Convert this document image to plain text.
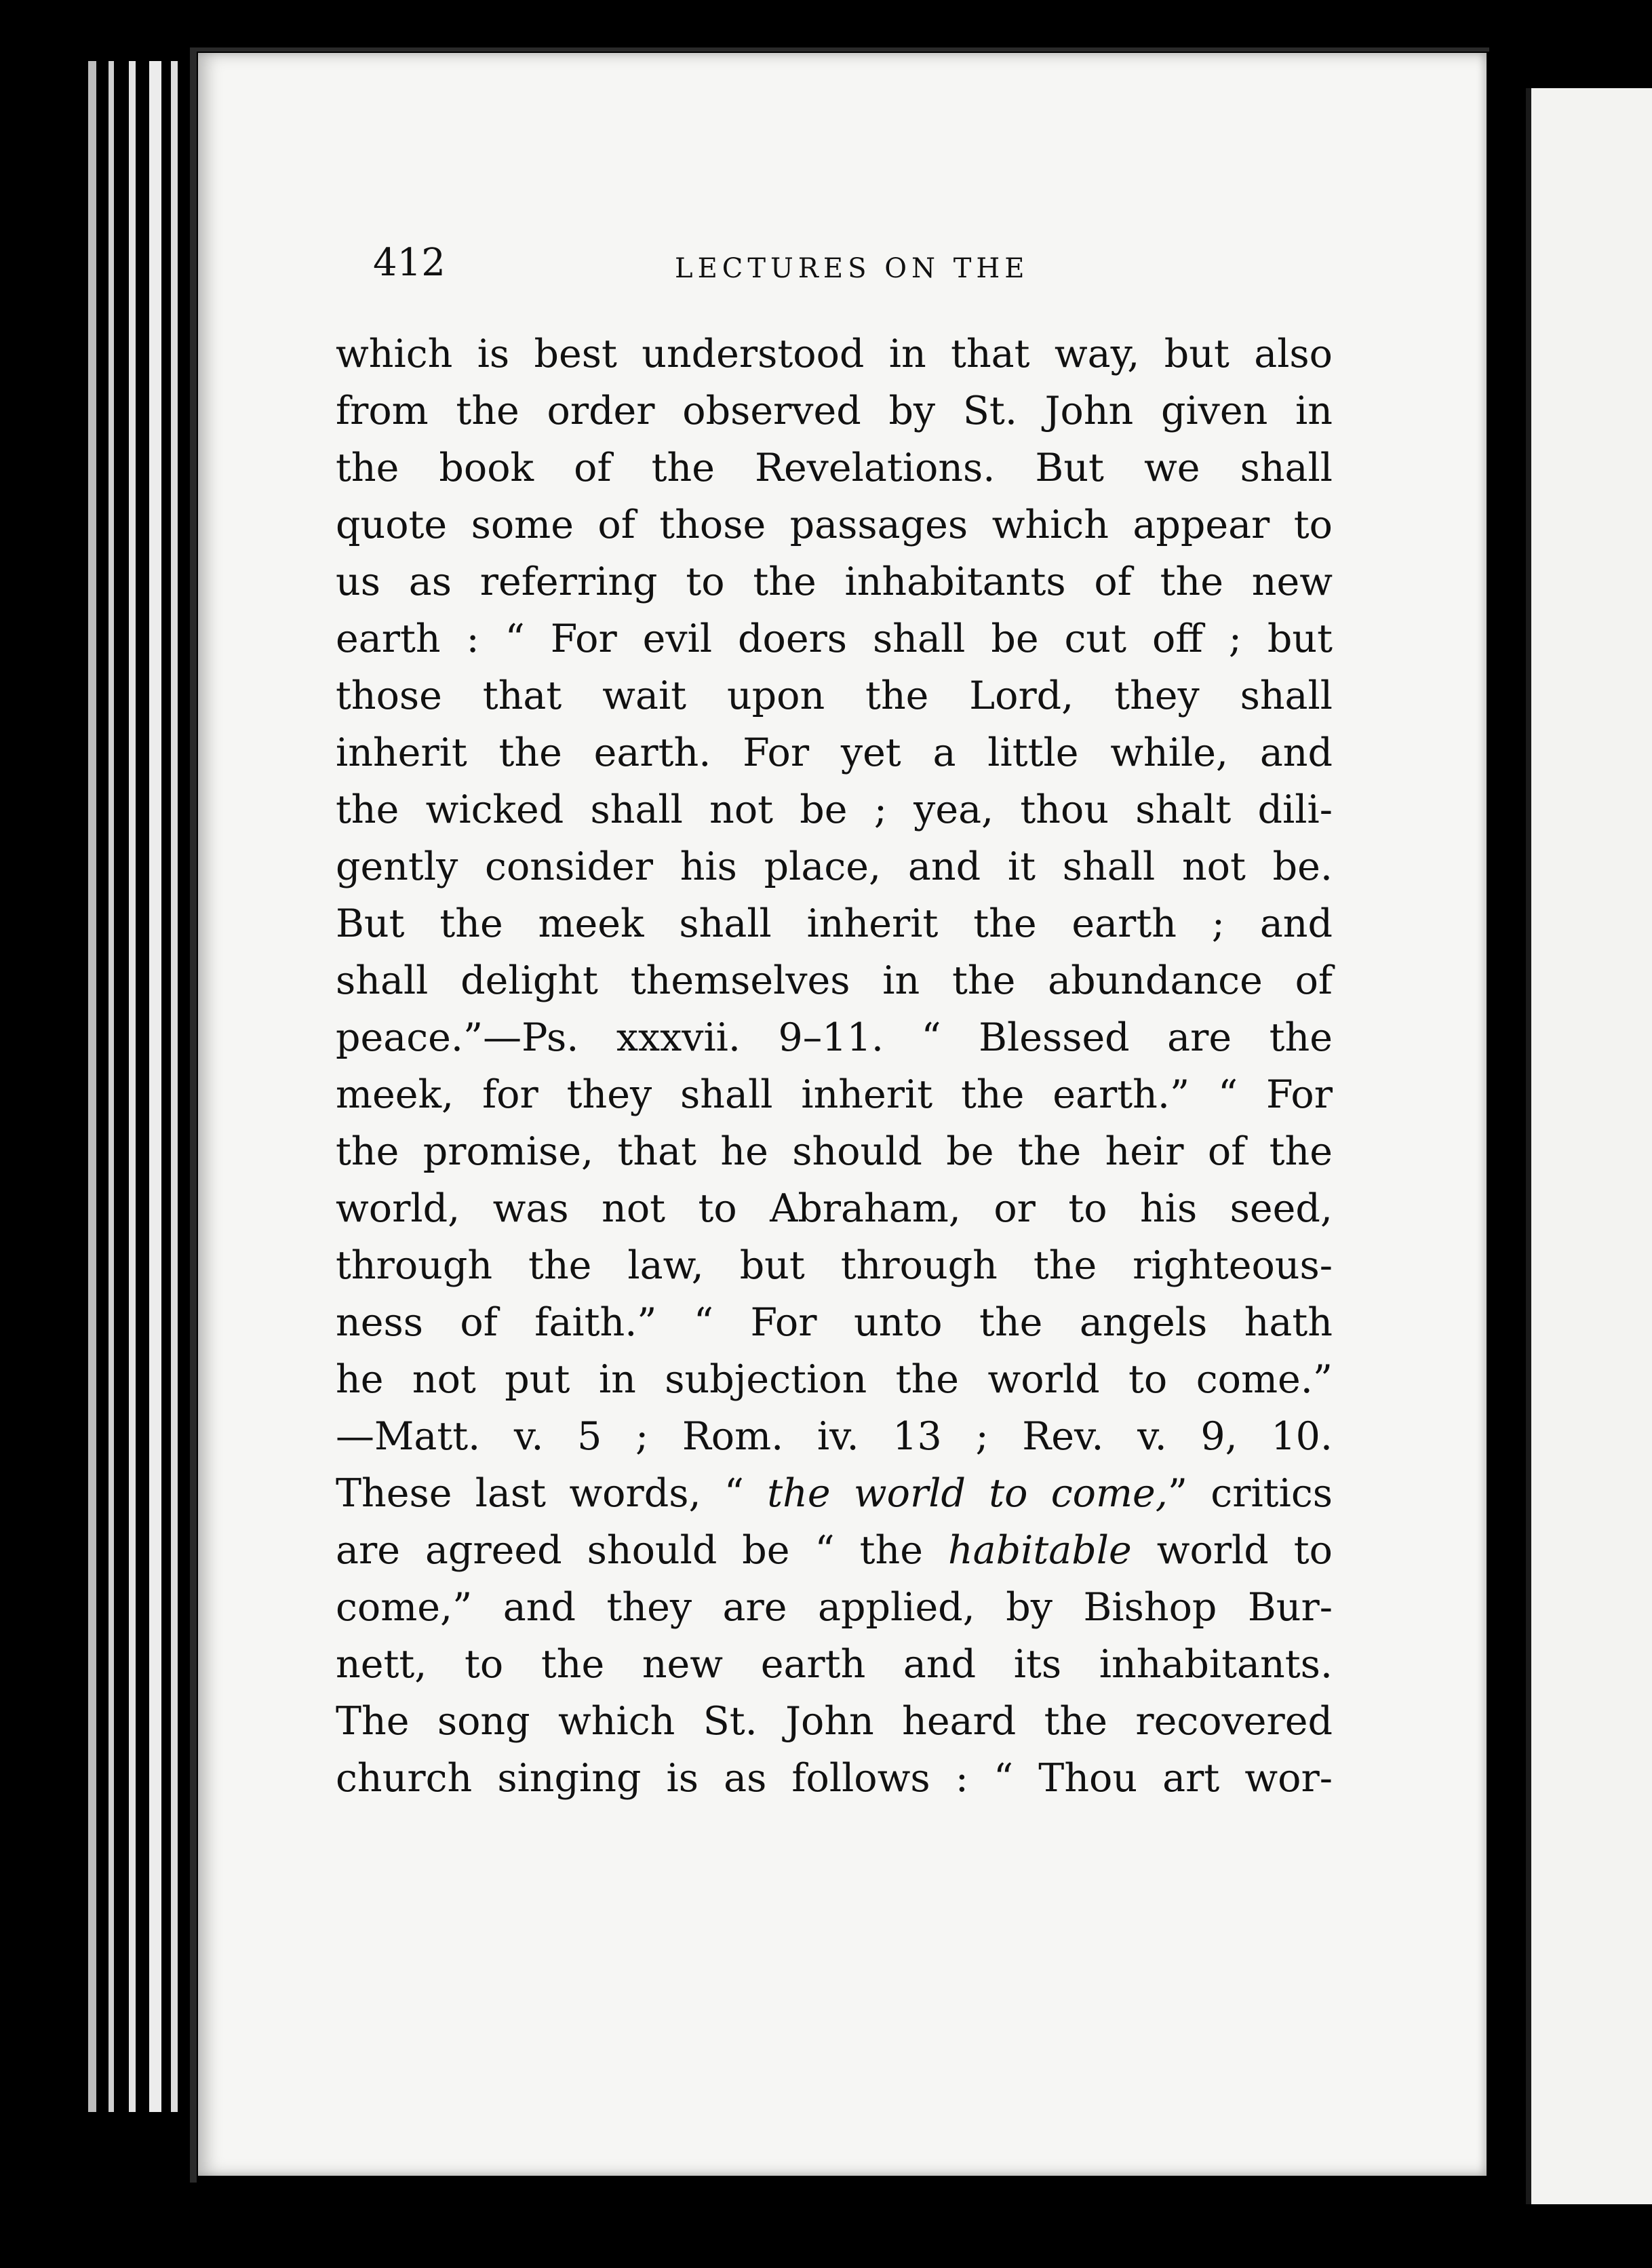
412	LECTURES ON THE
which is best understood in that way, but also
from the order observed by St. John given in
the book of the Revelations. But we shall
quote some of those passages which appear to
us as referring to the inhabitants of the new
earth : “ For evil doers shall be cut off ; but
those that wait upon the Lord, they shall
inherit the earth. For yet a little while, and
the wicked shall not be ; yea, thou shalt dili-
gently consider his place, and it shall not be.
But the meek shall inherit the earth ; and
shall delight themselves in the abundance of
peace.”—Ps. xxxvii. 9–11. “ Blessed are the
meek, for they shall inherit the earth.” “ For
the promise, that he should be the heir of the
world, was not to Abraham, or to his seed,
through the law, but through the righteous-
ness of faith.” “ For unto the angels hath
he not put in subjection the world to come.”
—Matt. v. 5 ; Rom. iv. 13 ; Rev. v. 9, 10.
These last words, “ the world to come,” critics
are agreed should be “ the habitable world to
come,” and they are applied, by Bishop Bur-
nett, to the new earth and its inhabitants.
The song which St. John heard the recovered
church singing is as follows : “ Thou art wor-
